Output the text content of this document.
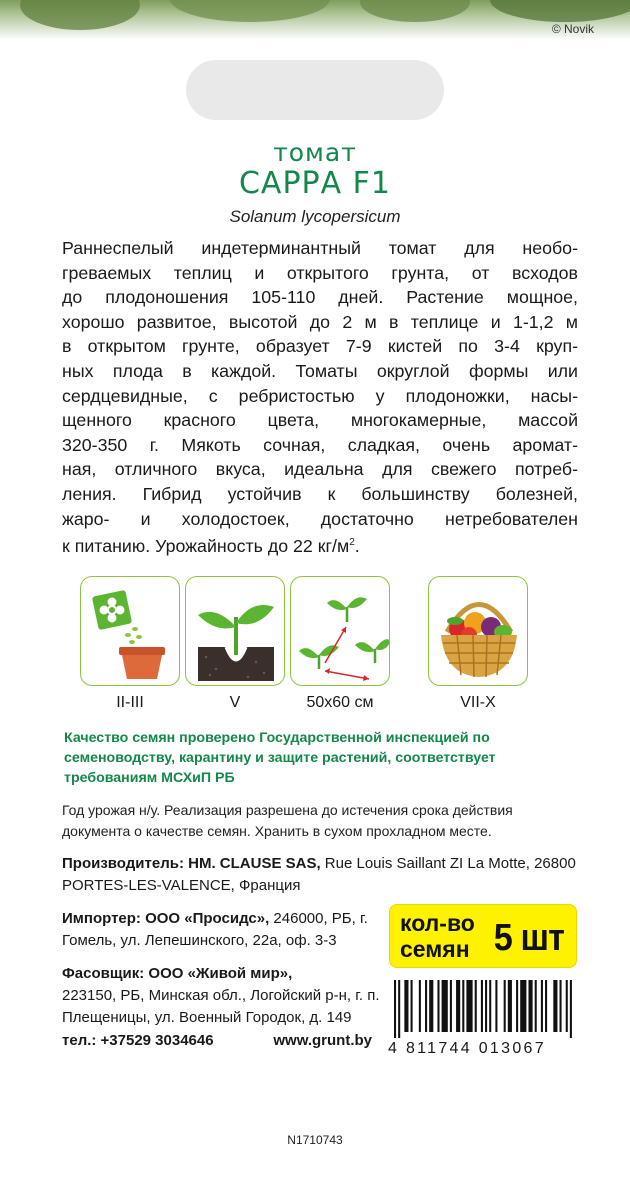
© Novik
томат
САРРА F1
Solanum lycopersicum

Раннеспелый индетерминантный томат для необо-

греваемых теплиц и открытого грунта, от всходов

до плодоношения 105-110 дней. Растение мощное,

хорошо развитое, высотой до 2 м в теплице и 1-1,2 м

в открытом грунте, образует 7-9 кистей по 3-4 круп-

ных плода в каждой. Томаты округлой формы или

сердцевидные, с ребристостью у плодоножки, насы-

щенного красного цвета, многокамерные, массой

320-350 г. Мякоть сочная, сладкая, очень аромат-

ная, отличного вкуса, идеальна для свежего потреб-

ления. Гибрид устойчив к большинству болезней,

жаро- и холодостоек, достаточно нетребователен

к питанию. Урожайность до 22 $кг/м^2$.

II-III	V	50х60 см	VII-X
Качество семян проверено Государственной инспекцией по семеноводству, карантину и защите растений, соответствует требованиям МСХиП РБ
Год урожая н/у. Реализация разрешена до истечения срока действия документа о качестве семян. Хранить в сухом прохладном месте.
Производитель: HM. CLAUSE SAS, Rue Louis Saillant ZI La Motte, 26800 PORTES-LES-VALENCE, Франция
Импортер: ООО «Просидс», 246000, РБ, г. Гомель, ул. Лепешинского, 22а, оф. 3-3
Фасовщик: ООО «Живой мир»,
223150, РБ, Минская обл., Логойский р-н, г. п. Плещеницы, ул. Военный Городок, д. 149
тел.: +37529 3034646	www.grunt.by
кол-во
семян 5 шт
4 811744 013067
N1710743
